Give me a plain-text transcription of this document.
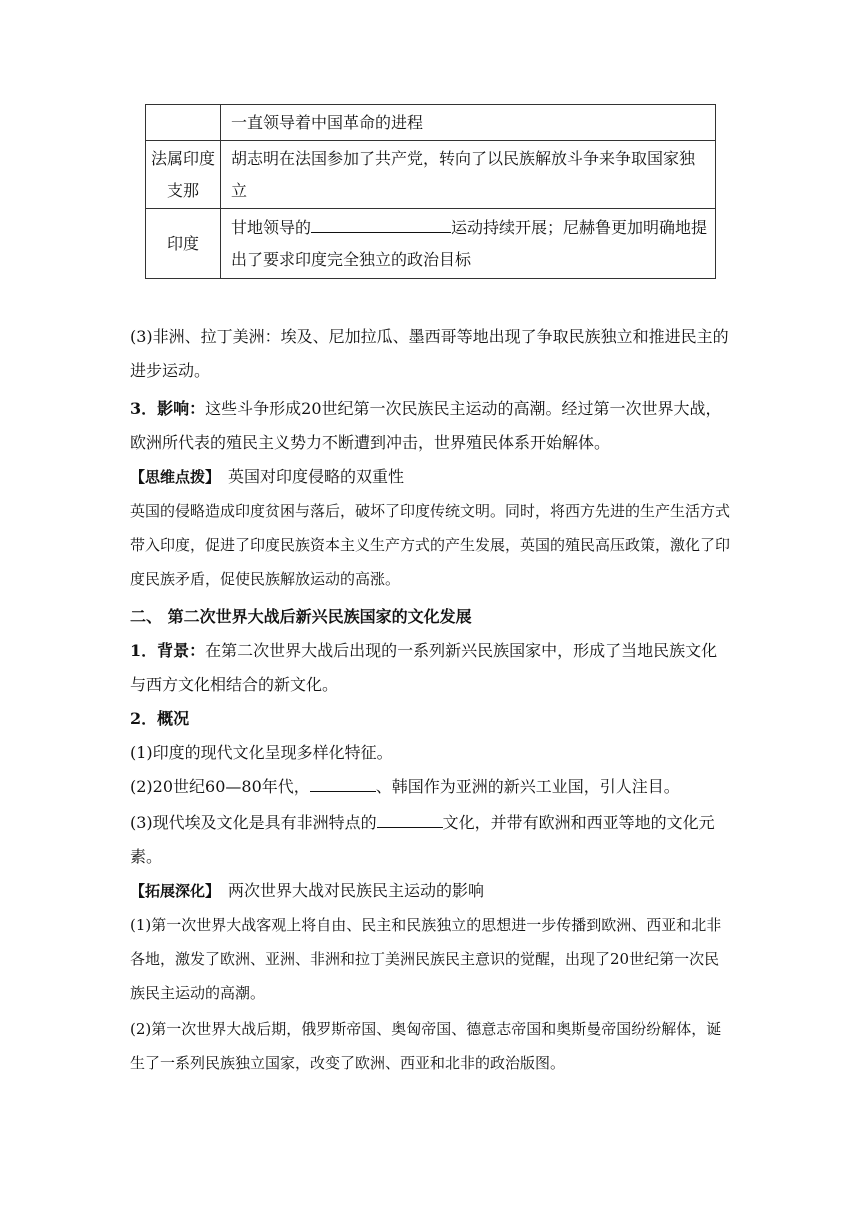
	一直领导着中国革命的进程
法属印度支那	胡志明在法国参加了共产党，转向了以民族解放斗争来争取国家独立
印度	甘地领导的 运动持续开展；尼赫鲁更加明确地提出了要求印度完全独立的政治目标

(3)非洲、拉丁美洲：埃及、尼加拉瓜、墨西哥等地出现了争取民族独立和推进民主的进步运动。

3．影响：这些斗争形成20世纪第一次民族民主运动的高潮。经过第一次世界大战，欧洲所代表的殖民主义势力不断遭到冲击，世界殖民体系开始解体。

【思维点拨】 英国对印度侵略的双重性

英国的侵略造成印度贫困与落后，破坏了印度传统文明。同时，将西方先进的生产生活方式带入印度，促进了印度民族资本主义生产方式的产生发展，英国的殖民高压政策，激化了印度民族矛盾，促使民族解放运动的高涨。

二、 第二次世界大战后新兴民族国家的文化发展

1．背景：在第二次世界大战后出现的一系列新兴民族国家中，形成了当地民族文化与西方文化相结合的新文化。

2．概况

(1)印度的现代文化呈现多样化特征。

(2)20世纪60—80年代，	、韩国作为亚洲的新兴工业国，引人注目。

(3)现代埃及文化是具有非洲特点的	文化，并带有欧洲和西亚等地的文化元素。

【拓展深化】 两次世界大战对民族民主运动的影响

(1)第一次世界大战客观上将自由、民主和民族独立的思想进一步传播到欧洲、西亚和北非各地，激发了欧洲、亚洲、非洲和拉丁美洲民族民主意识的觉醒，出现了20世纪第一次民族民主运动的高潮。

(2)第一次世界大战后期，俄罗斯帝国、奥匈帝国、德意志帝国和奥斯曼帝国纷纷解体，诞生了一系列民族独立国家，改变了欧洲、西亚和北非的政治版图。
